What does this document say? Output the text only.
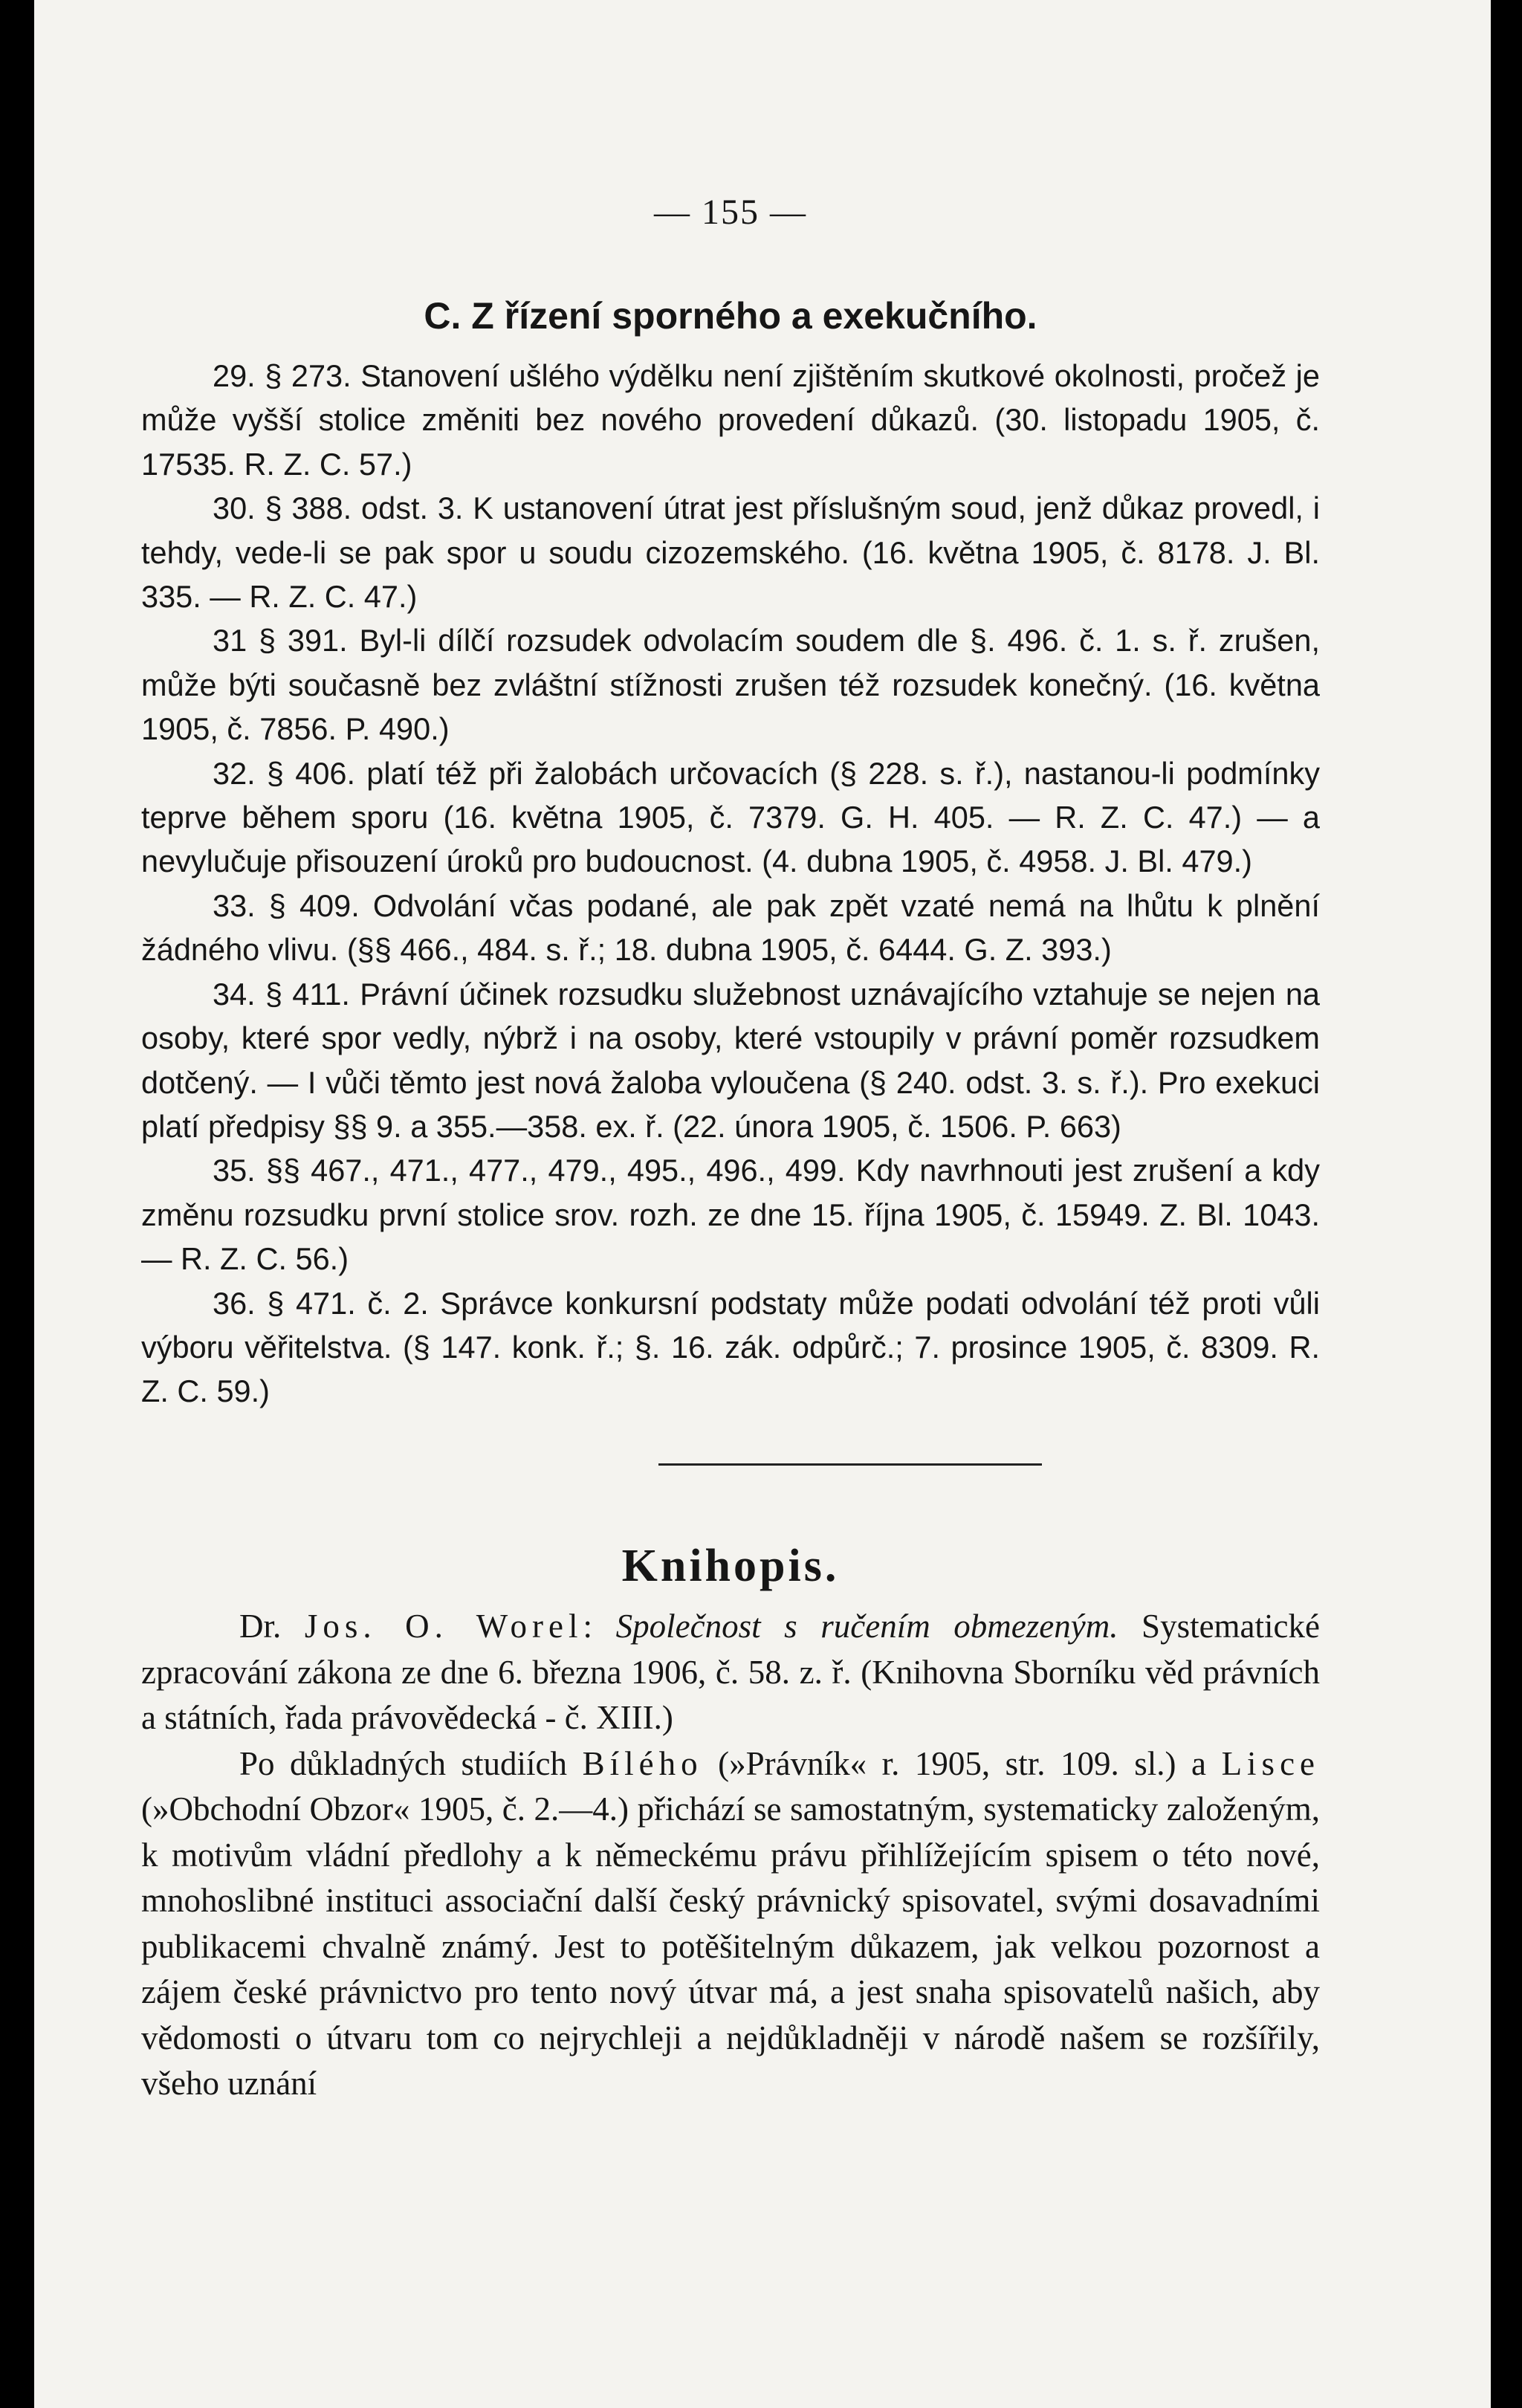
— 155 —
C. Z řízení sporného a exekučního.

29. § 273. Stanovení ušlého výdělku není zjištěním skutkové okolnosti, pročež je může vyšší stolice změniti bez nového provedení důkazů. (30. listopadu 1905, č. 17535. R. Z. C. 57.)

30. § 388. odst. 3. K ustanovení útrat jest příslušným soud, jenž důkaz provedl, i tehdy, vede-li se pak spor u soudu cizozemského. (16. května 1905, č. 8178. J. Bl. 335. — R. Z. C. 47.)

31 § 391. Byl-li dílčí rozsudek odvolacím soudem dle §. 496. č. 1. s. ř. zrušen, může býti současně bez zvláštní stížnosti zrušen též rozsudek konečný. (16. května 1905, č. 7856. P. 490.)

32. § 406. platí též při žalobách určovacích (§ 228. s. ř.), nastanou-li podmínky teprve během sporu (16. května 1905, č. 7379. G. H. 405. — R. Z. C. 47.) — a nevylučuje přisouzení úroků pro budoucnost. (4. dubna 1905, č. 4958. J. Bl. 479.)

33. § 409. Odvolání včas podané, ale pak zpět vzaté nemá na lhůtu k plnění žádného vlivu. (§§ 466., 484. s. ř.; 18. dubna 1905, č. 6444. G. Z. 393.)

34. § 411. Právní účinek rozsudku služebnost uznávajícího vztahuje se nejen na osoby, které spor vedly, nýbrž i na osoby, které vstoupily v právní poměr rozsudkem dotčený. — I vůči těmto jest nová žaloba vyloučena (§ 240. odst. 3. s. ř.). Pro exekuci platí předpisy §§ 9. a 355.—358. ex. ř. (22. února 1905, č. 1506. P. 663)

35. §§ 467., 471., 477., 479., 495., 496., 499. Kdy navrhnouti jest zrušení a kdy změnu rozsudku první stolice srov. rozh. ze dne 15. října 1905, č. 15949. Z. Bl. 1043. — R. Z. C. 56.)

36. § 471. č. 2. Správce konkursní podstaty může podati odvolání též proti vůli výboru věřitelstva. (§ 147. konk. ř.; §. 16. zák. odpůrč.; 7. prosince 1905, č. 8309. R. Z. C. 59.)

Knihopis.

Dr. Jos. O. Worel: Společnost s ručením obmezeným. Systematické zpracování zákona ze dne 6. března 1906, č. 58. z. ř. (Knihovna Sborníku věd právních a státních, řada právovědecká - č. XIII.)

Po důkladných studiích Bílého (»Právník« r. 1905, str. 109. sl.) a Lisce (»Obchodní Obzor« 1905, č. 2.—4.) přichází se samostatným, systematicky založeným, k motivům vládní předlohy a k německému právu přihlížejícím spisem o této nové, mnohoslibné instituci associační další český právnický spisovatel, svými dosavadními publikacemi chvalně známý. Jest to potěšitelným důkazem, jak velkou pozornost a zájem české právnictvo pro tento nový útvar má, a jest snaha spisovatelů našich, aby vědomosti o útvaru tom co nejrychleji a nejdůkladněji v národě našem se rozšířily, všeho uznání
